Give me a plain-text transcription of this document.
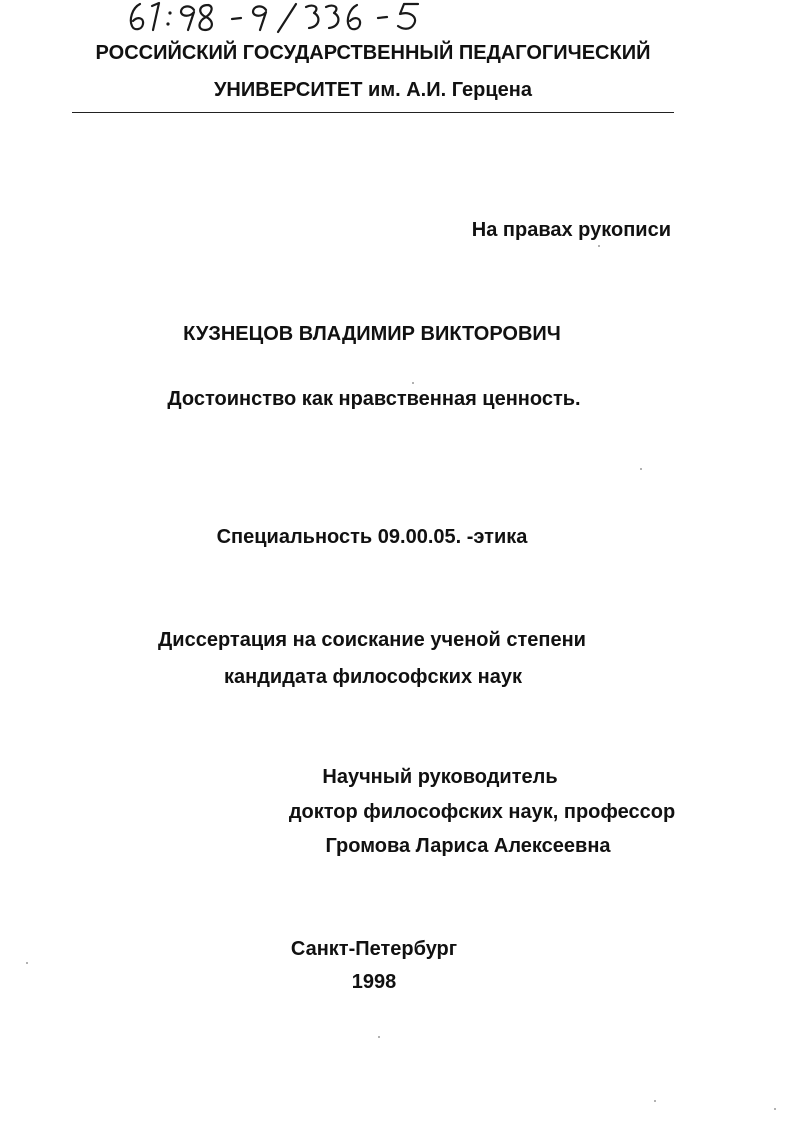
РОССИЙСКИЙ ГОСУДАРСТВЕННЫЙ ПЕДАГОГИЧЕСКИЙ
УНИВЕРСИТЕТ им. А.И. Герцена
На правах рукописи
КУЗНЕЦОВ ВЛАДИМИР ВИКТОРОВИЧ
Достоинство как нравственная ценность.
Специальность 09.00.05. -этика
Диссертация на соискание ученой степени
кандидата философских наук
Научный руководитель
доктор философских наук, профессор
Громова Лариса Алексеевна
Санкт-Петербург
1998
